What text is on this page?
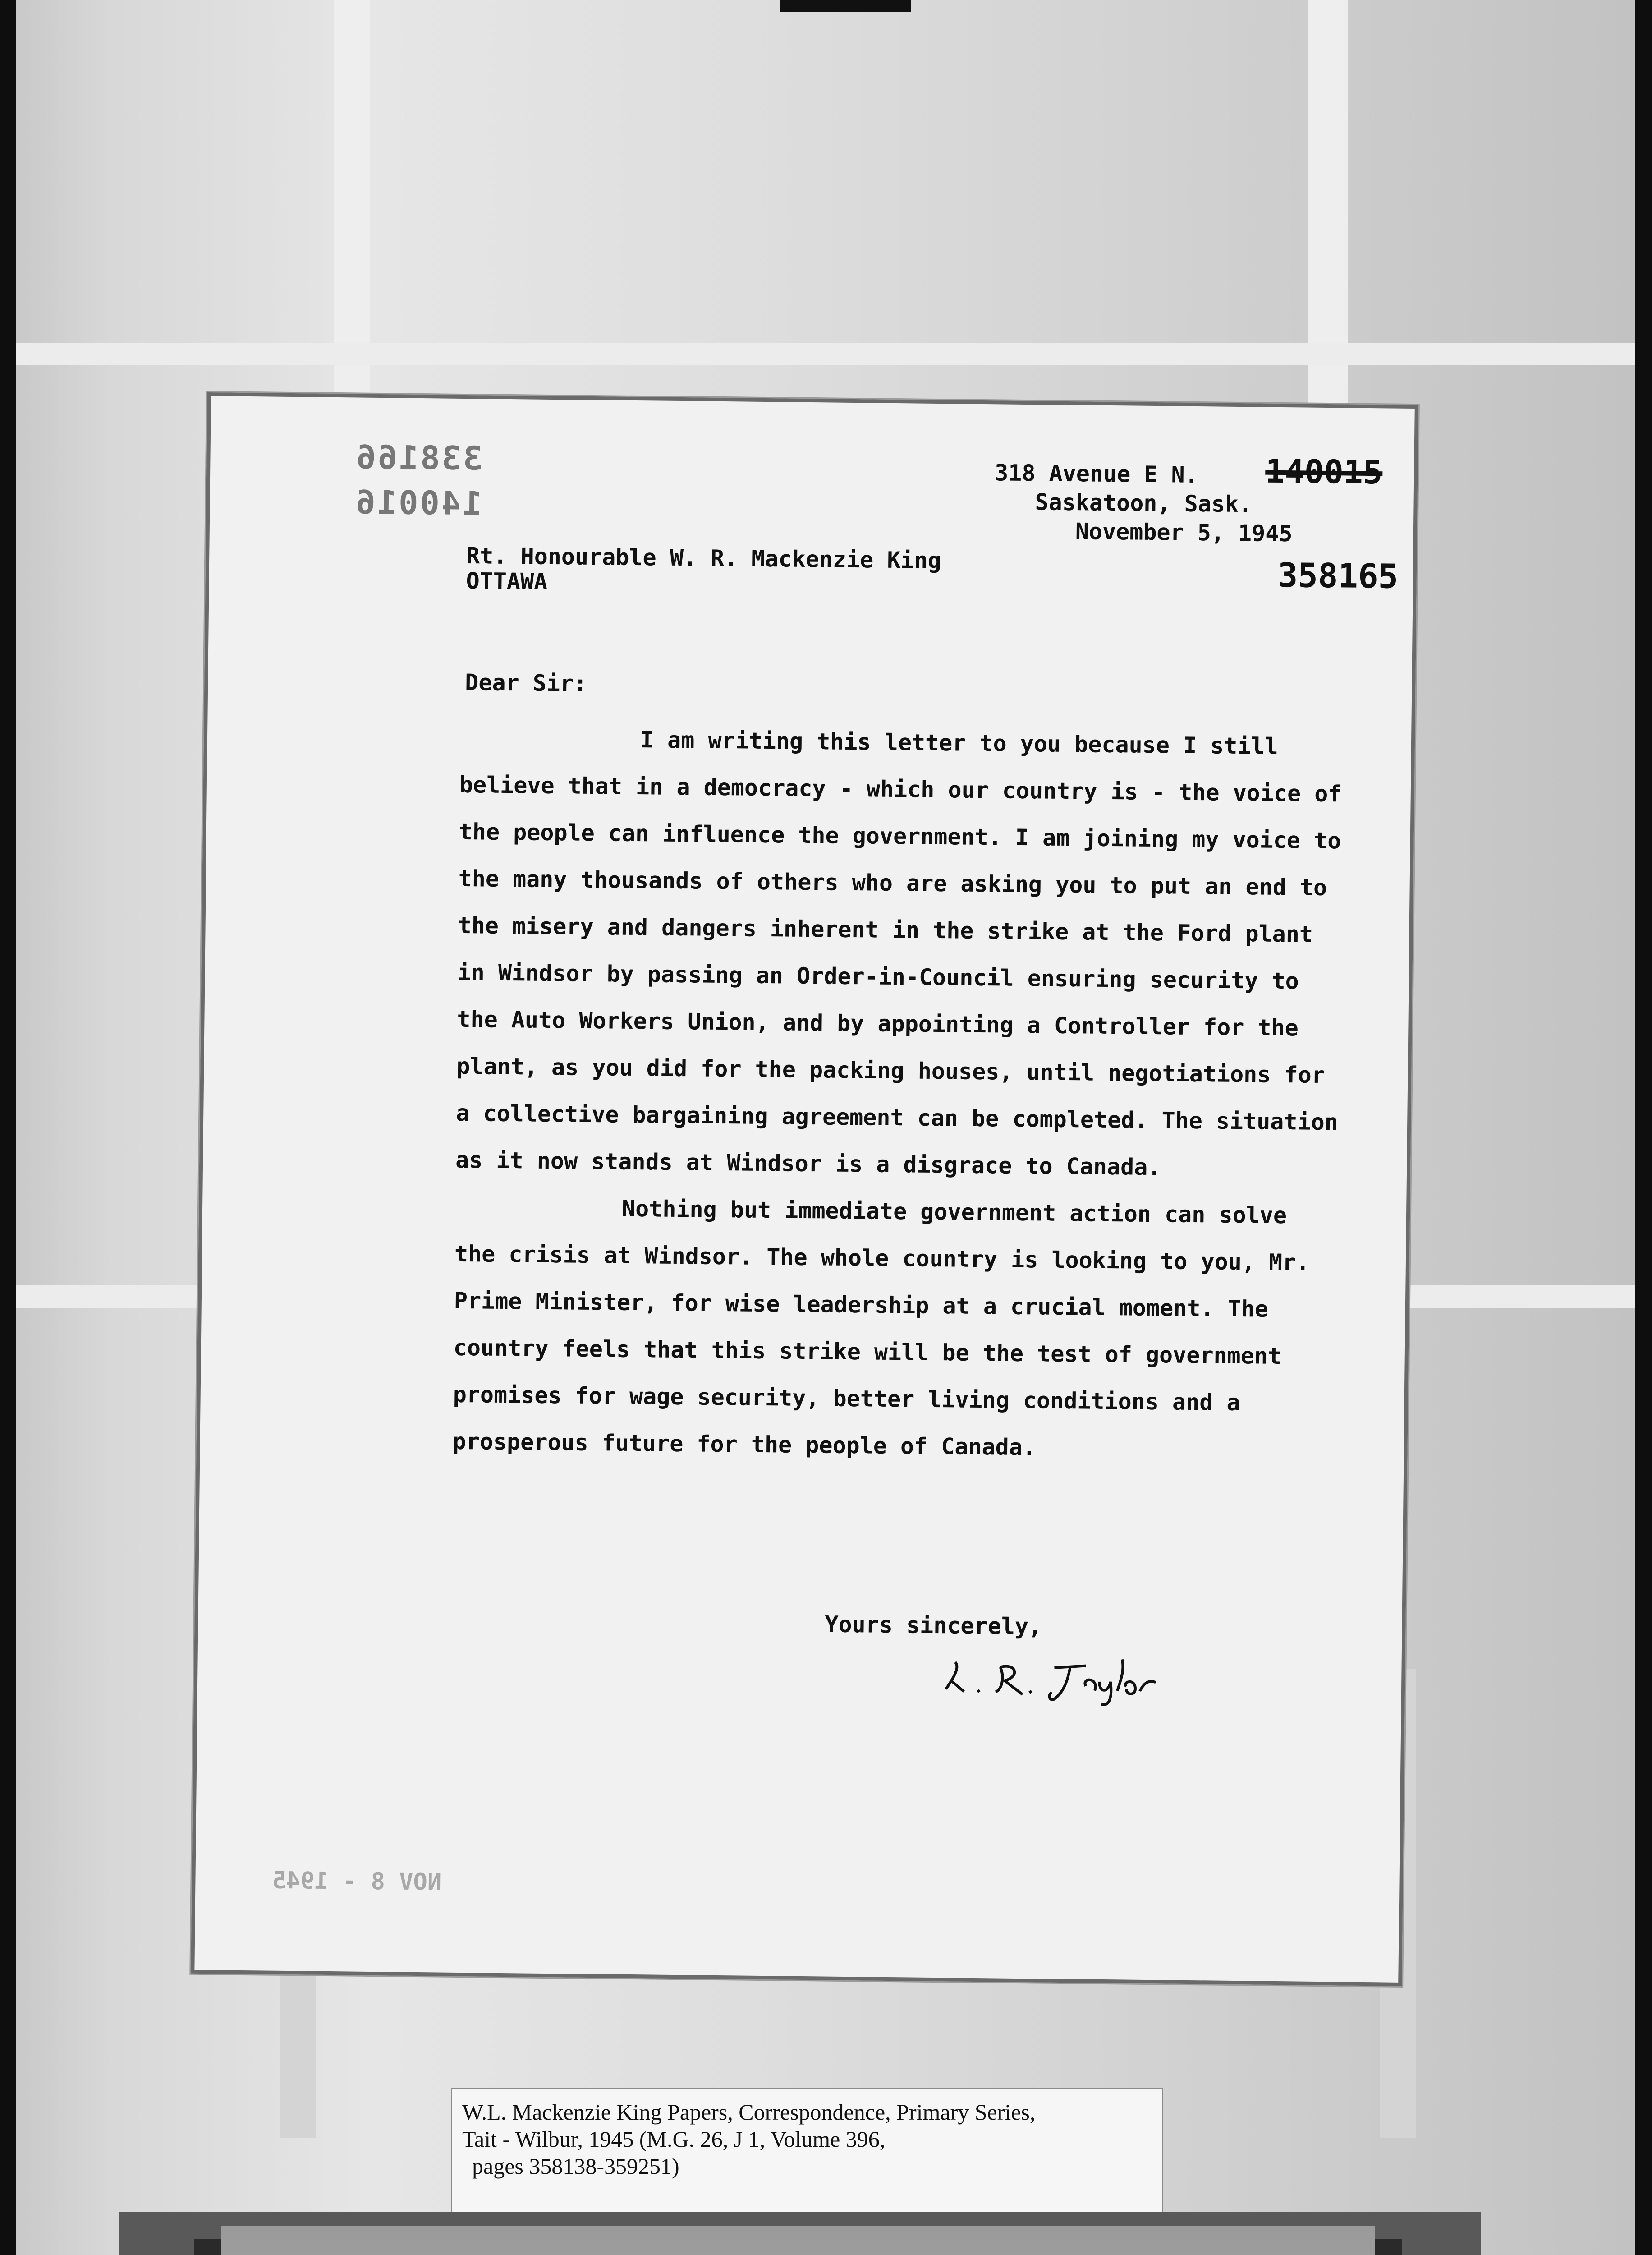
338166
140016
318 Avenue E N.
Saskatoon, Sask.
November 5, 1945
140015
358165
Rt. Honourable W. R. Mackenzie King
OTTAWA
Dear Sir:

I am writing this letter to you because I still believe that in a democracy - which our country is - the voice of the people can influence the government. I am joining my voice to the many thousands of others who are asking you to put an end to the misery and dangers inherent in the strike at the Ford plant in Windsor by passing an Order-in-Council ensuring security to the Auto Workers Union, and by appointing a Controller for the plant, as you did for the packing houses, until negotiations for a collective bargaining agreement can be completed. The situation as it now stands at Windsor is a disgrace to Canada.

Nothing but immediate government action can solve the crisis at Windsor. The whole country is looking to you, Mr. Prime Minister, for wise leadership at a crucial moment. The country feels that this strike will be the test of government promises for wage security, better living conditions and a prosperous future for the people of Canada.

Yours sincerely,
NOV 8 - 1945
W.L. Mackenzie King Papers, Correspondence, Primary Series,
Tait - Wilbur, 1945 (M.G. 26, J 1, Volume 396,
pages 358138-359251)
